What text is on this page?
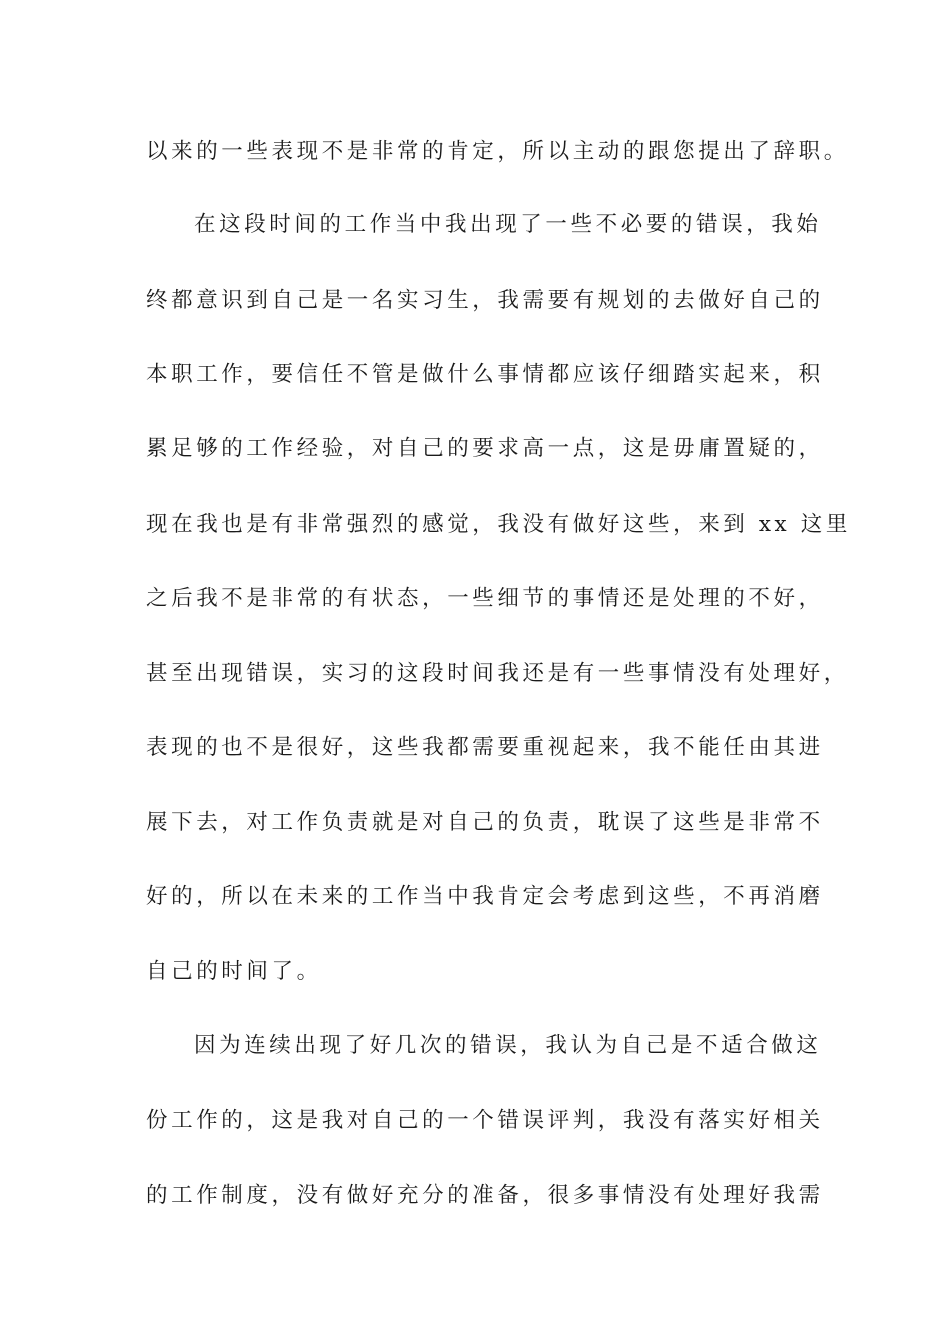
以来的一些表现不是非常的肯定，所以主动的跟您提出了辞职。
在这段时间的工作当中我出现了一些不必要的错误，我始
终都意识到自己是一名实习生，我需要有规划的去做好自己的
本职工作，要信任不管是做什么事情都应该仔细踏实起来，积
累足够的工作经验，对自己的要求高一点，这是毋庸置疑的，
现在我也是有非常强烈的感觉，我没有做好这些，来到 xx 这里
之后我不是非常的有状态，一些细节的事情还是处理的不好，
甚至出现错误，实习的这段时间我还是有一些事情没有处理好，
表现的也不是很好，这些我都需要重视起来，我不能任由其进
展下去，对工作负责就是对自己的负责，耽误了这些是非常不
好的，所以在未来的工作当中我肯定会考虑到这些，不再消磨
自己的时间了。
因为连续出现了好几次的错误，我认为自己是不适合做这
份工作的，这是我对自己的一个错误评判，我没有落实好相关
的工作制度，没有做好充分的准备，很多事情没有处理好我需
